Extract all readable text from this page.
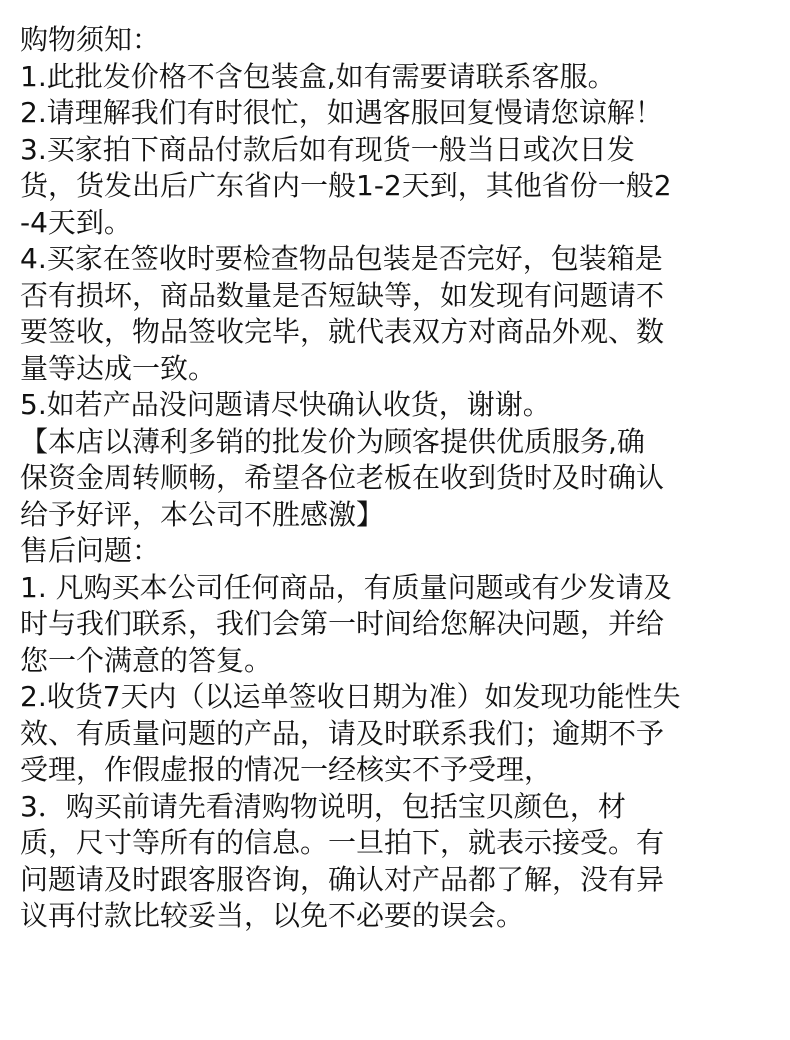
购物须知：
1.此批发价格不含包装盒,如有需要请联系客服。
2.请理解我们有时很忙，如遇客服回复慢请您谅解！
3.买家拍下商品付款后如有现货一般当日或次日发
货，货发出后广东省内一般1-2天到，其他省份一般2
-4天到。
4.买家在签收时要检查物品包装是否完好，包装箱是
否有损坏，商品数量是否短缺等，如发现有问题请不
要签收，物品签收完毕，就代表双方对商品外观、数
量等达成一致。
5.如若产品没问题请尽快确认收货，谢谢。
【本店以薄利多销的批发价为顾客提供优质服务,确
保资金周转顺畅，希望各位老板在收到货时及时确认
给予好评，本公司不胜感激】
售后问题：
1. 凡购买本公司任何商品，有质量问题或有少发请及
时与我们联系，我们会第一时间给您解决问题，并给
您一个满意的答复。
2.收货7天内（以运单签收日期为准）如发现功能性失
效、有质量问题的产品，请及时联系我们；逾期不予
受理，作假虚报的情况一经核实不予受理，
3．购买前请先看清购物说明，包括宝贝颜色，材
质，尺寸等所有的信息。一旦拍下，就表示接受。有
问题请及时跟客服咨询，确认对产品都了解，没有异
议再付款比较妥当，以免不必要的误会。
